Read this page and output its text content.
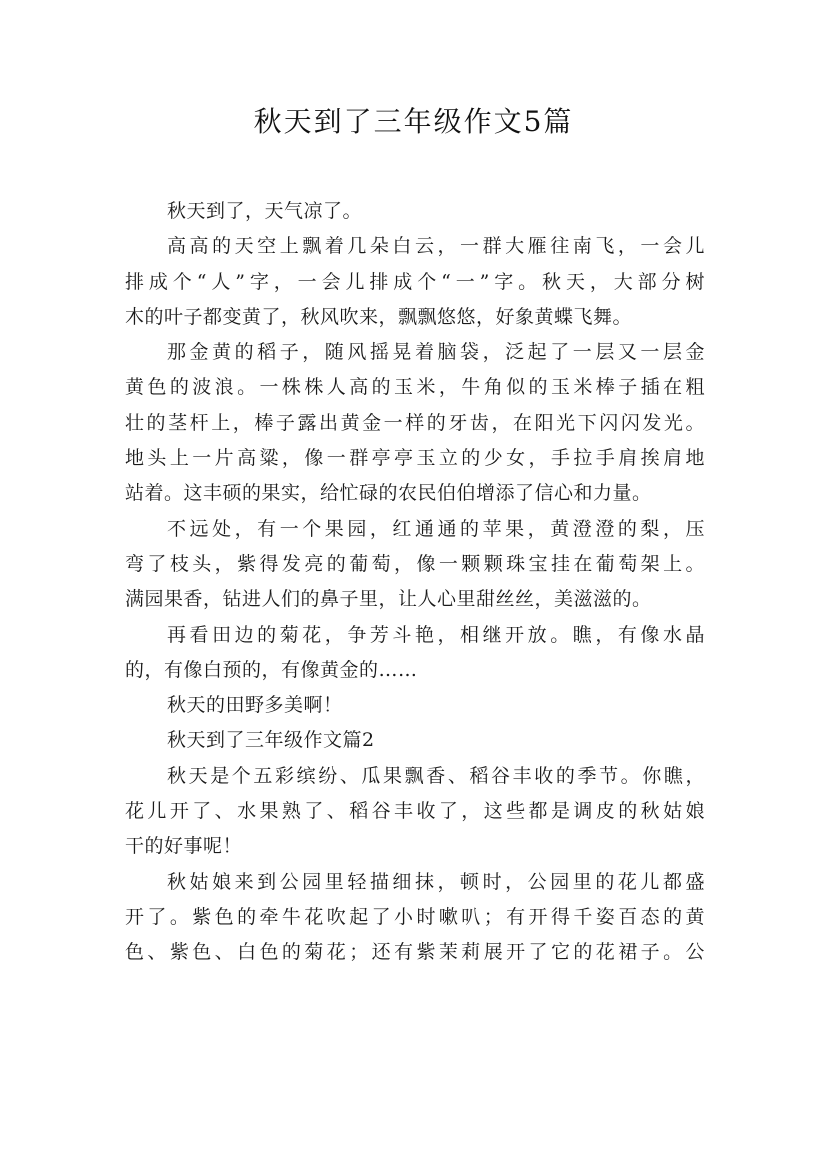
秋天到了三年级作文5篇
秋天到了，天气凉了。
高高的天空上飘着几朵白云，一群大雁往南飞，一会儿
排成个“人”字，一会儿排成个“一”字。秋天，大部分树
木的叶子都变黄了，秋风吹来，飘飘悠悠，好象黄蝶飞舞。
那金黄的稻子，随风摇晃着脑袋，泛起了一层又一层金
黄色的波浪。一株株人高的玉米，牛角似的玉米棒子插在粗
壮的茎杆上，棒子露出黄金一样的牙齿，在阳光下闪闪发光。
地头上一片高粱，像一群亭亭玉立的少女，手拉手肩挨肩地
站着。这丰硕的果实，给忙碌的农民伯伯增添了信心和力量。
不远处，有一个果园，红通通的苹果，黄澄澄的梨，压
弯了枝头，紫得发亮的葡萄，像一颗颗珠宝挂在葡萄架上。
满园果香，钻进人们的鼻子里，让人心里甜丝丝，美滋滋的。
再看田边的菊花，争芳斗艳，相继开放。瞧，有像水晶
的，有像白预的，有像黄金的……
秋天的田野多美啊！
秋天到了三年级作文篇2
秋天是个五彩缤纷、瓜果飘香、稻谷丰收的季节。你瞧，
花儿开了、水果熟了、稻谷丰收了，这些都是调皮的秋姑娘
干的好事呢！
秋姑娘来到公园里轻描细抹，顿时，公园里的花儿都盛
开了。紫色的牵牛花吹起了小时嗽叭；有开得千姿百态的黄
色、紫色、白色的菊花；还有紫茉莉展开了它的花裙子。公
